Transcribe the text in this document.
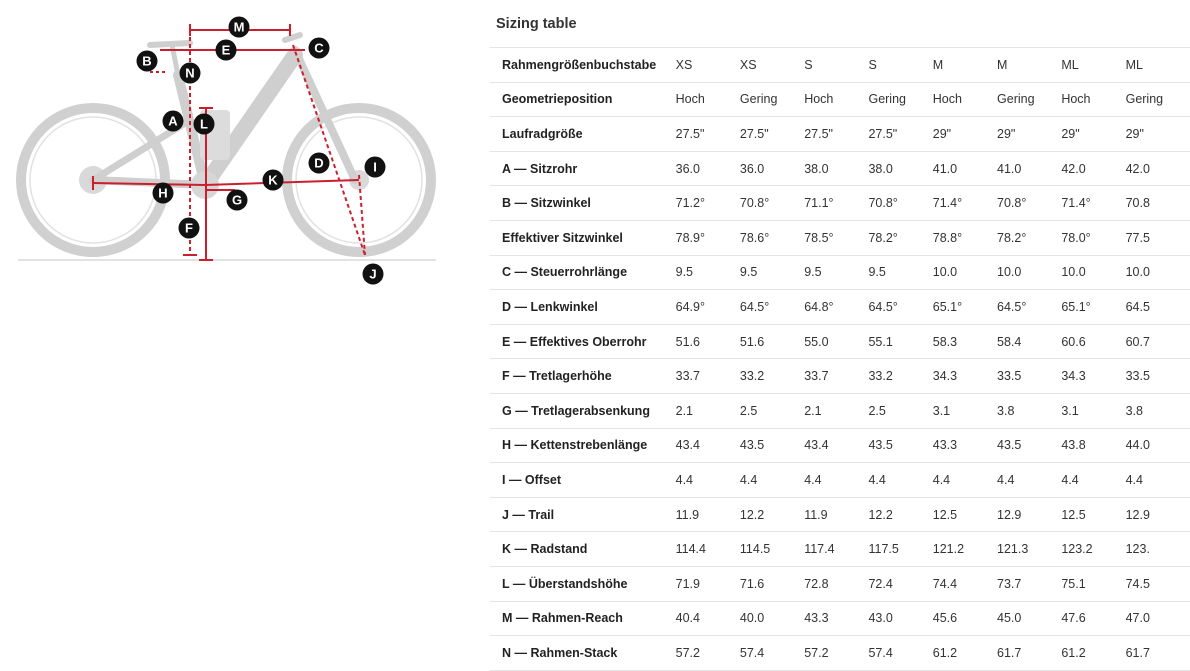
A
B
C
D
E
F
G
H
I
J
K
L
M
N
Sizing table
Rahmengrößenbuchstabe	XS	XS	S	S	M	M	ML	ML
Geometrieposition	Hoch	Gering	Hoch	Gering	Hoch	Gering	Hoch	Gering
Laufradgröße	27.5"	27.5"	27.5"	27.5"	29"	29"	29"	29"
A — Sitzrohr	36.0	36.0	38.0	38.0	41.0	41.0	42.0	42.0
B — Sitzwinkel	71.2°	70.8°	71.1°	70.8°	71.4°	70.8°	71.4°	70.8
Effektiver Sitzwinkel	78.9°	78.6°	78.5°	78.2°	78.8°	78.2°	78.0°	77.5
C — Steuerrohrlänge	9.5	9.5	9.5	9.5	10.0	10.0	10.0	10.0
D — Lenkwinkel	64.9°	64.5°	64.8°	64.5°	65.1°	64.5°	65.1°	64.5
E — Effektives Oberrohr	51.6	51.6	55.0	55.1	58.3	58.4	60.6	60.7
F — Tretlagerhöhe	33.7	33.2	33.7	33.2	34.3	33.5	34.3	33.5
G — Tretlagerabsenkung	2.1	2.5	2.1	2.5	3.1	3.8	3.1	3.8
H — Kettenstrebenlänge	43.4	43.5	43.4	43.5	43.3	43.5	43.8	44.0
I — Offset	4.4	4.4	4.4	4.4	4.4	4.4	4.4	4.4
J — Trail	11.9	12.2	11.9	12.2	12.5	12.9	12.5	12.9
K — Radstand	114.4	114.5	117.4	117.5	121.2	121.3	123.2	123.
L — Überstandshöhe	71.9	71.6	72.8	72.4	74.4	73.7	75.1	74.5
M — Rahmen-Reach	40.4	40.0	43.3	43.0	45.6	45.0	47.6	47.0
N — Rahmen-Stack	57.2	57.4	57.2	57.4	61.2	61.7	61.2	61.7
